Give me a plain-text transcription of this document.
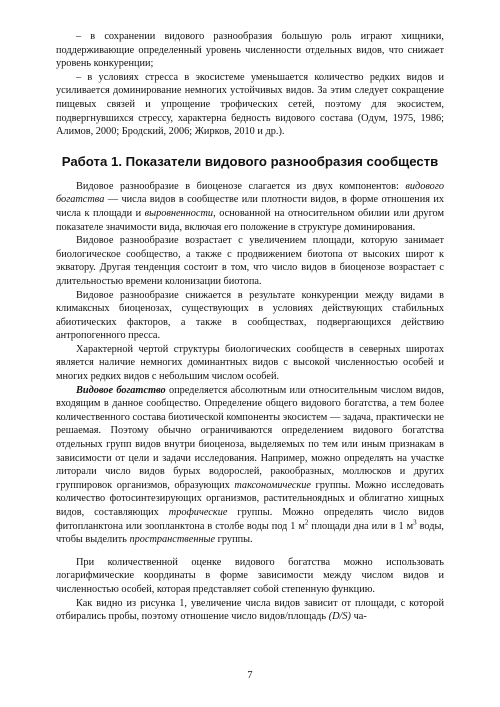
– в сохранении видового разнообразия большую роль играют хищники, поддерживающие определенный уровень численности отдельных видов, что снижает уровень конкуренции;

– в условиях стресса в экосистеме уменьшается количество редких видов и усиливается доминирование немногих устойчивых видов. За этим следует сокращение пищевых связей и упрощение трофических сетей, поэтому для экосистем, подвергнувшихся стрессу, характерна бедность видового состава (Одум, 1975, 1986; Алимов, 2000; Бродский, 2006; Жирков, 2010 и др.).

Работа 1. Показатели видового разнообразия сообществ

Видовое разнообразие в биоценозе слагается из двух компонентов: видового богатства — числа видов в сообществе или плотности видов, в форме отношения их числа к площади и выровненности, основанной на относительном обилии или другом показателе значимости вида, включая его положение в структуре доминирования.

Видовое разнообразие возрастает с увеличением площади, которую занимает биологическое сообщество, а также с продвижением биотопа от высоких широт к экватору. Другая тенденция состоит в том, что число видов в биоценозе возрастает с длительностью времени колонизации биотопа.

Видовое разнообразие снижается в результате конкуренции между видами в климаксных биоценозах, существующих в условиях действующих стабильных абиотических факторов, а также в сообществах, подвергающихся действию антропогенного пресса.

Характерной чертой структуры биологических сообществ в северных широтах является наличие немногих доминантных видов с высокой численностью особей и многих редких видов с небольшим числом особей.

Видовое богатство определяется абсолютным или относительным числом видов, входящим в данное сообщество. Определение общего видового богатства, а тем более количественного состава биотической компоненты экосистем — задача, практически не решаемая. Поэтому обычно ограничиваются определением видового богатства отдельных групп видов внутри биоценоза, выделяемых по тем или иным признакам в зависимости от цели и задачи исследования. Например, можно определять на участке литорали число видов бурых водорослей, ракообразных, моллюсков и других группировок организмов, образующих таксономические группы. Можно исследовать количество фотосинтезирующих организмов, растительноядных и облигатно хищных видов, составляющих трофические группы. Можно определять число видов фитопланктона или зоопланктона в столбе воды под 1 $м^2$ площади дна или в 1 $м^3$ воды, чтобы выделить пространственные группы.

При количественной оценке видового богатства можно использовать логарифмические координаты в форме зависимости между числом видов и численностью особей, которая представляет собой степенную функцию.

Как видно из рисунка 1, увеличение числа видов зависит от площади, с которой отбирались пробы, поэтому отношение число видов/площадь (D/S) ча-

7
